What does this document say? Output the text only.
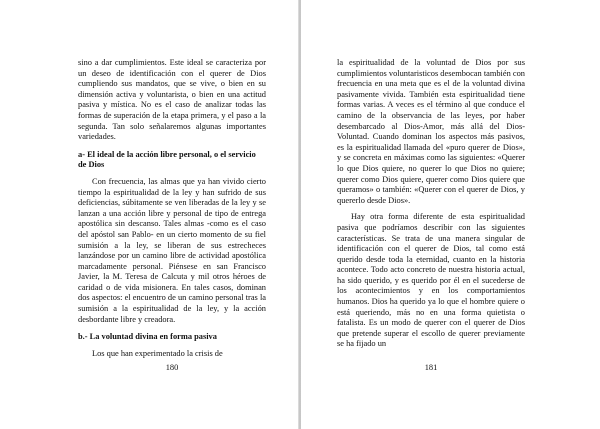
sino a dar cumplimientos. Este ideal se caracteriza por un deseo de identificación con el querer de Dios cumpliendo sus mandatos, que se vive, o bien en su dimensión activa y voluntarista, o bien en una actitud pasiva y mística. No es el caso de analizar todas las formas de superación de la etapa primera, y el paso a la segunda. Tan solo señalaremos algunas importantes variedades.

a- El ideal de la acción libre personal, o el servicio de Dios

Con frecuencia, las almas que ya han vivido cierto tiempo la espiritualidad de la ley y han sufrido de sus deficiencias, súbitamente se ven liberadas de la ley y se lanzan a una acción libre y personal de tipo de entrega apostólica sin descanso. Tales almas -como es el caso del apóstol san Pablo- en un cierto momento de su fiel sumisión a la ley, se liberan de sus estrecheces lanzándose por un camino libre de actividad apostólica marcadamente personal. Piénsese en san Francisco Javier, la M. Teresa de Calcuta y mil otros héroes de caridad o de vida misionera. En tales casos, dominan dos aspectos: el encuentro de un camino personal tras la sumisión a la espiritualidad de la ley, y la acción desbordante libre y creadora.

b.- La voluntad divina en forma pasiva

Los que han experimentado la crisis de

180

la espiritualidad de la voluntad de Dios por sus cumplimientos voluntaristicos desembocan también con frecuencia en una meta que es el de la voluntad divina pasivamente vivida. También esta espiritualidad tiene formas varias. A veces es el término al que conduce el camino de la observancia de las leyes, por haber desembarcado al Dios-Amor, más allá del Dios-Voluntad. Cuando dominan los aspectos más pasivos, es la espiritualidad llamada del «puro querer de Dios», y se concreta en máximas como las siguientes: «Querer lo que Dios quiere, no querer lo que Dios no quiere; querer como Dios quiere, querer como Dios quiere que queramos» o también: «Querer con el querer de Dios, y quererlo desde Dios».

Hay otra forma diferente de esta espiritualidad pasiva que podríamos describir con las siguientes características. Se trata de una manera singular de identificación con el querer de Dios, tal como está querido desde toda la eternidad, cuanto en la historia acontece. Todo acto concreto de nuestra historia actual, ha sido querido, y es querido por él en el sucederse de los acontecimientos y en los comportamientos humanos. Dios ha querido ya lo que el hombre quiere o está queriendo, más no en una forma quietista o fatalista. Es un modo de querer con el querer de Dios que pretende superar el escollo de querer previamente se ha fijado un

181
